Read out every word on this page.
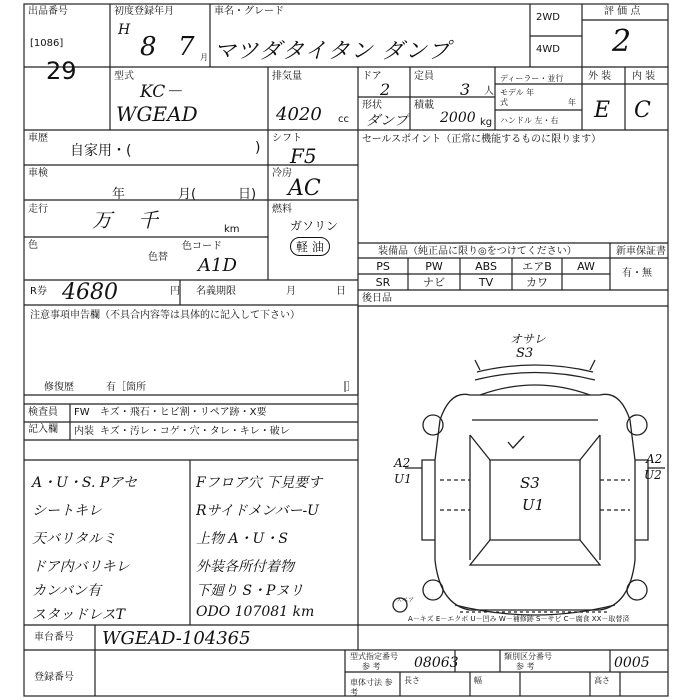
出品番号
[1086]
29
初度登録年月
H
8 7 月
車名・グレード
マツダタイタン ダンプ
2WD
4WD
評 価 点
2
型式
KC－
WGEAD
排気量
4020 cc
ドア
2
定員
3 人
形状
ダンプ
積載
2000 kg
ディーラー・並行
モデル 年式	年
ハンドル 左・右
外 装 内 装
E C
車歴
自家用・(	)
シフト
F5
車検
年	月(	日)
冷房
AC
走行 万 千	km
燃料
ガソリン
軽 油
色
色替
色コード
A1D
R券 4680	円 名義期限	月	日
注意事項申告欄（不具合内容等は具体的に記入して下さい）
修復歴	有［箇所	］
検査員
記入欄
FW キズ・飛石・ヒビ割・リペア跡・X要
内装 キズ・汚レ・コゲ・穴・タレ・キレ・破レ
A・U・S. Pアセ	Fフロア穴 下見要す
シートキレ	Rサイドメンバー-U
天バリタルミ	上物 A・U・S
ドア内バリキレ	外装各所付着物
カンバン有	下廻り S・Pヌリ
スタッドレスT	ODO 107081 km
セールスポイント（正常に機能するものに限ります）
装備品（純正品に限り◎をつけてください）	新車保証書
有・無
PS	PW	ABS	エアB	AW
SR	ナビ	TV	カワ
後日品
オサレ
S3
A2
U1
A2
U2
S3
U1
スペア
A－キズ E－エクボ U－凹み W－補修跡 S－サビ C－腐食 XX－取替済
車台番号 WGEAD-104365
登録番号
型式指定番号
参 考 08063	類別区分番号
参 考	0005
車体寸法 参 考
長さ	幅	高さ
